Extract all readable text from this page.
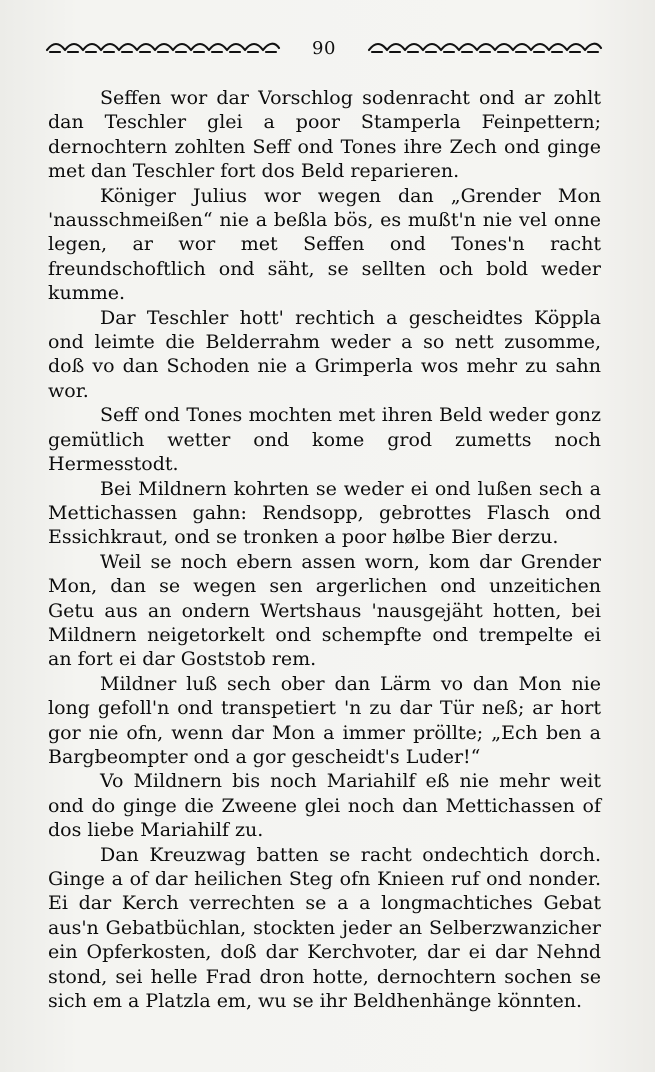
90

Seffen wor dar Vorschlog sodenracht ond ar zohlt dan Teschler glei a poor Stamperla Feinpettern; dernochtern zohlten Seff ond Tones ihre Zech ond ginge met dan Teschler fort dos Beld reparieren.

Königer Julius wor wegen dan „Grender Mon 'nausschmeißen“ nie a beßla bös, es mußt'n nie vel onne legen, ar wor met Seffen ond Tones'n racht freundschoftlich ond säht, se sellten och bold weder kumme.

Dar Teschler hott' rechtich a gescheidtes Köppla ond leimte die Belderrahm weder a so nett zusomme, doß vo dan Schoden nie a Grimperla wos mehr zu sahn wor.

Seff ond Tones mochten met ihren Beld weder gonz gemütlich wetter ond kome grod zumetts noch Hermesstodt.

Bei Mildnern kohrten se weder ei ond lußen sech a Mettichassen gahn: Rendsopp, gebrottes Flasch ond Essichkraut, ond se tronken a poor hølbe Bier derzu.

Weil se noch ebern assen worn, kom dar Grender Mon, dan se wegen sen argerlichen ond unzeitichen Getu aus an ondern Wertshaus 'nausgejäht hotten, bei Mildnern neigetorkelt ond schempfte ond trempelte ei an fort ei dar Goststob rem.

Mildner luß sech ober dan Lärm vo dan Mon nie long gefoll'n ond transpetiert 'n zu dar Tür neß; ar hort gor nie ofn, wenn dar Mon a immer pröllte; „Ech ben a Bargbeompter ond a gor gescheidt's Luder!“

Vo Mildnern bis noch Mariahilf eß nie mehr weit ond do ginge die Zweene glei noch dan Mettichassen of dos liebe Mariahilf zu.

Dan Kreuzwag batten se racht ondechtich dorch. Ginge a of dar heilichen Steg ofn Knieen ruf ond nonder. Ei dar Kerch verrechten se a a longmachtiches Gebat aus'n Gebatbüchlan, stockten jeder an Selberzwanzicher ein Opferkosten, doß dar Kerchvoter, dar ei dar Nehnd stond, sei helle Frad dron hotte, dernochtern sochen se sich em a Platzla em, wu se ihr Beldhenhänge könnten.
